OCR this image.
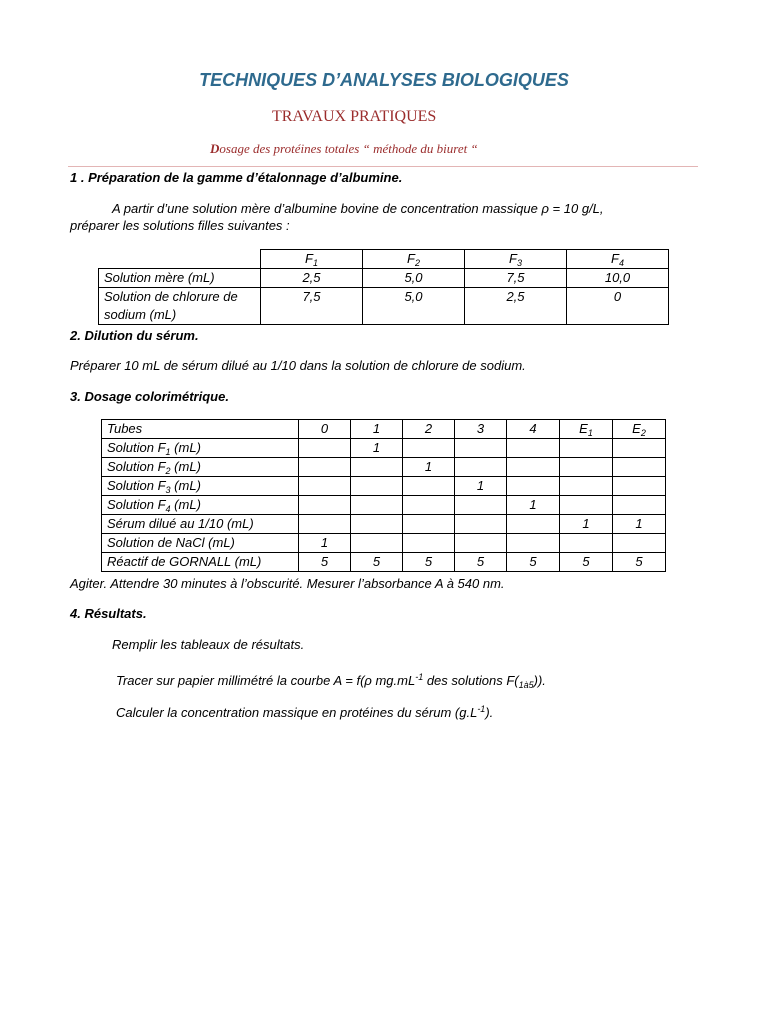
TECHNIQUES D’ANALYSES BIOLOGIQUES
TRAVAUX PRATIQUES
Dosage des protéines totales “ méthode du biuret “
1 . Préparation de la gamme d’étalonnage d’albumine.
A partir d’une solution mère d’albumine bovine de concentration massique ρ = 10 g/L,
préparer les solutions filles suivantes :
	$F_1$	$F_2$	$F_3$	$F_4$
Solution mère (mL)	2,5	5,0	7,5	10,0
Solution de chlorure de sodium (mL)	7,5	5,0	2,5	0
2. Dilution du sérum.
Préparer 10 mL de sérum dilué au 1/10 dans la solution de chlorure de sodium.
3. Dosage colorimétrique.
Tubes	0	1	2	3	4	$E_1$	$E_2$
Solution $F_1$ (mL)		1					
Solution $F_2$ (mL)			1				
Solution $F_3$ (mL)				1			
Solution $F_4$ (mL)					1		
Sérum dilué au 1/10 (mL)						1	1
Solution de NaCl (mL)	1						
Réactif de GORNALL (mL)	5	5	5	5	5	5	5
Agiter. Attendre 30 minutes à l’obscurité. Mesurer l’absorbance A à 540 nm.
4. Résultats.
Remplir les tableaux de résultats.
Tracer sur papier millimétré la courbe A = f(ρ $mg.mL^{-1}$ des solutions $F(_{1à5})$).
Calculer la concentration massique en protéines du sérum $(g.L^{-1})$.
